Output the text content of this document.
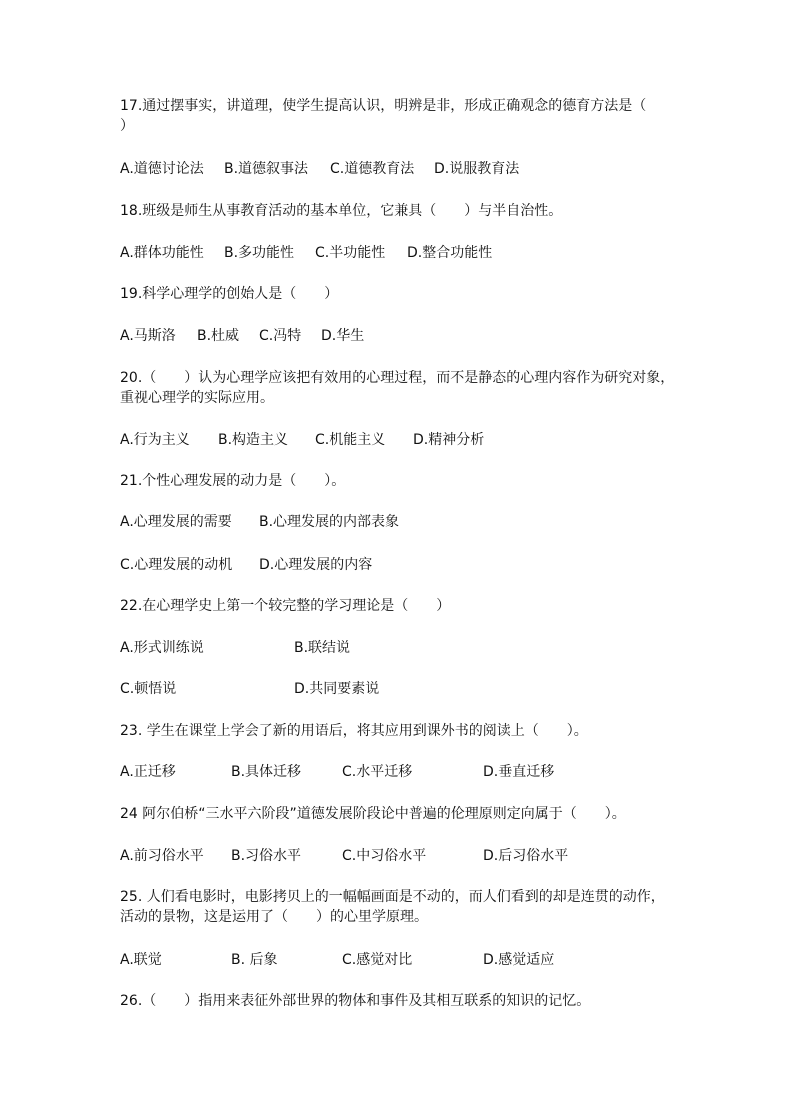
17.通过摆事实，讲道理，使学生提高认识，明辨是非，形成正确观念的德育方法是（
）
A.道德讨论法 B.道德叙事法 C.道德教育法 D.说服教育法
18.班级是师生从事教育活动的基本单位，它兼具（　　）与半自治性。
A.群体功能性 B.多功能性 C.半功能性 D.整合功能性
19.科学心理学的创始人是（　　）
A.马斯洛 B.杜威 C.冯特 D.华生
20.（　　）认为心理学应该把有效用的心理过程，而不是静态的心理内容作为研究对象，
重视心理学的实际应用。
A.行为主义 B.构造主义 C.机能主义 D.精神分析
21.个性心理发展的动力是（　　）。
A.心理发展的需要 B.心理发展的内部表象
C.心理发展的动机 D.心理发展的内容
22.在心理学史上第一个较完整的学习理论是（　　）
A.形式训练说	B.联结说
C.顿悟说	D.共同要素说
23. 学生在课堂上学会了新的用语后，将其应用到课外书的阅读上（　　）。
A.正迁移	B.具体迁移	C.水平迁移	D.垂直迁移
24 阿尔伯桥“三水平六阶段”道德发展阶段论中普遍的伦理原则定向属于（　　）。
A.前习俗水平 B.习俗水平	C.中习俗水平	D.后习俗水平
25. 人们看电影时，电影拷贝上的一幅幅画面是不动的，而人们看到的却是连贯的动作，
活动的景物，这是运用了（　　）的心里学原理。
A.联觉	B. 后象	C.感觉对比	D.感觉适应
26.（　　）指用来表征外部世界的物体和事件及其相互联系的知识的记忆。
